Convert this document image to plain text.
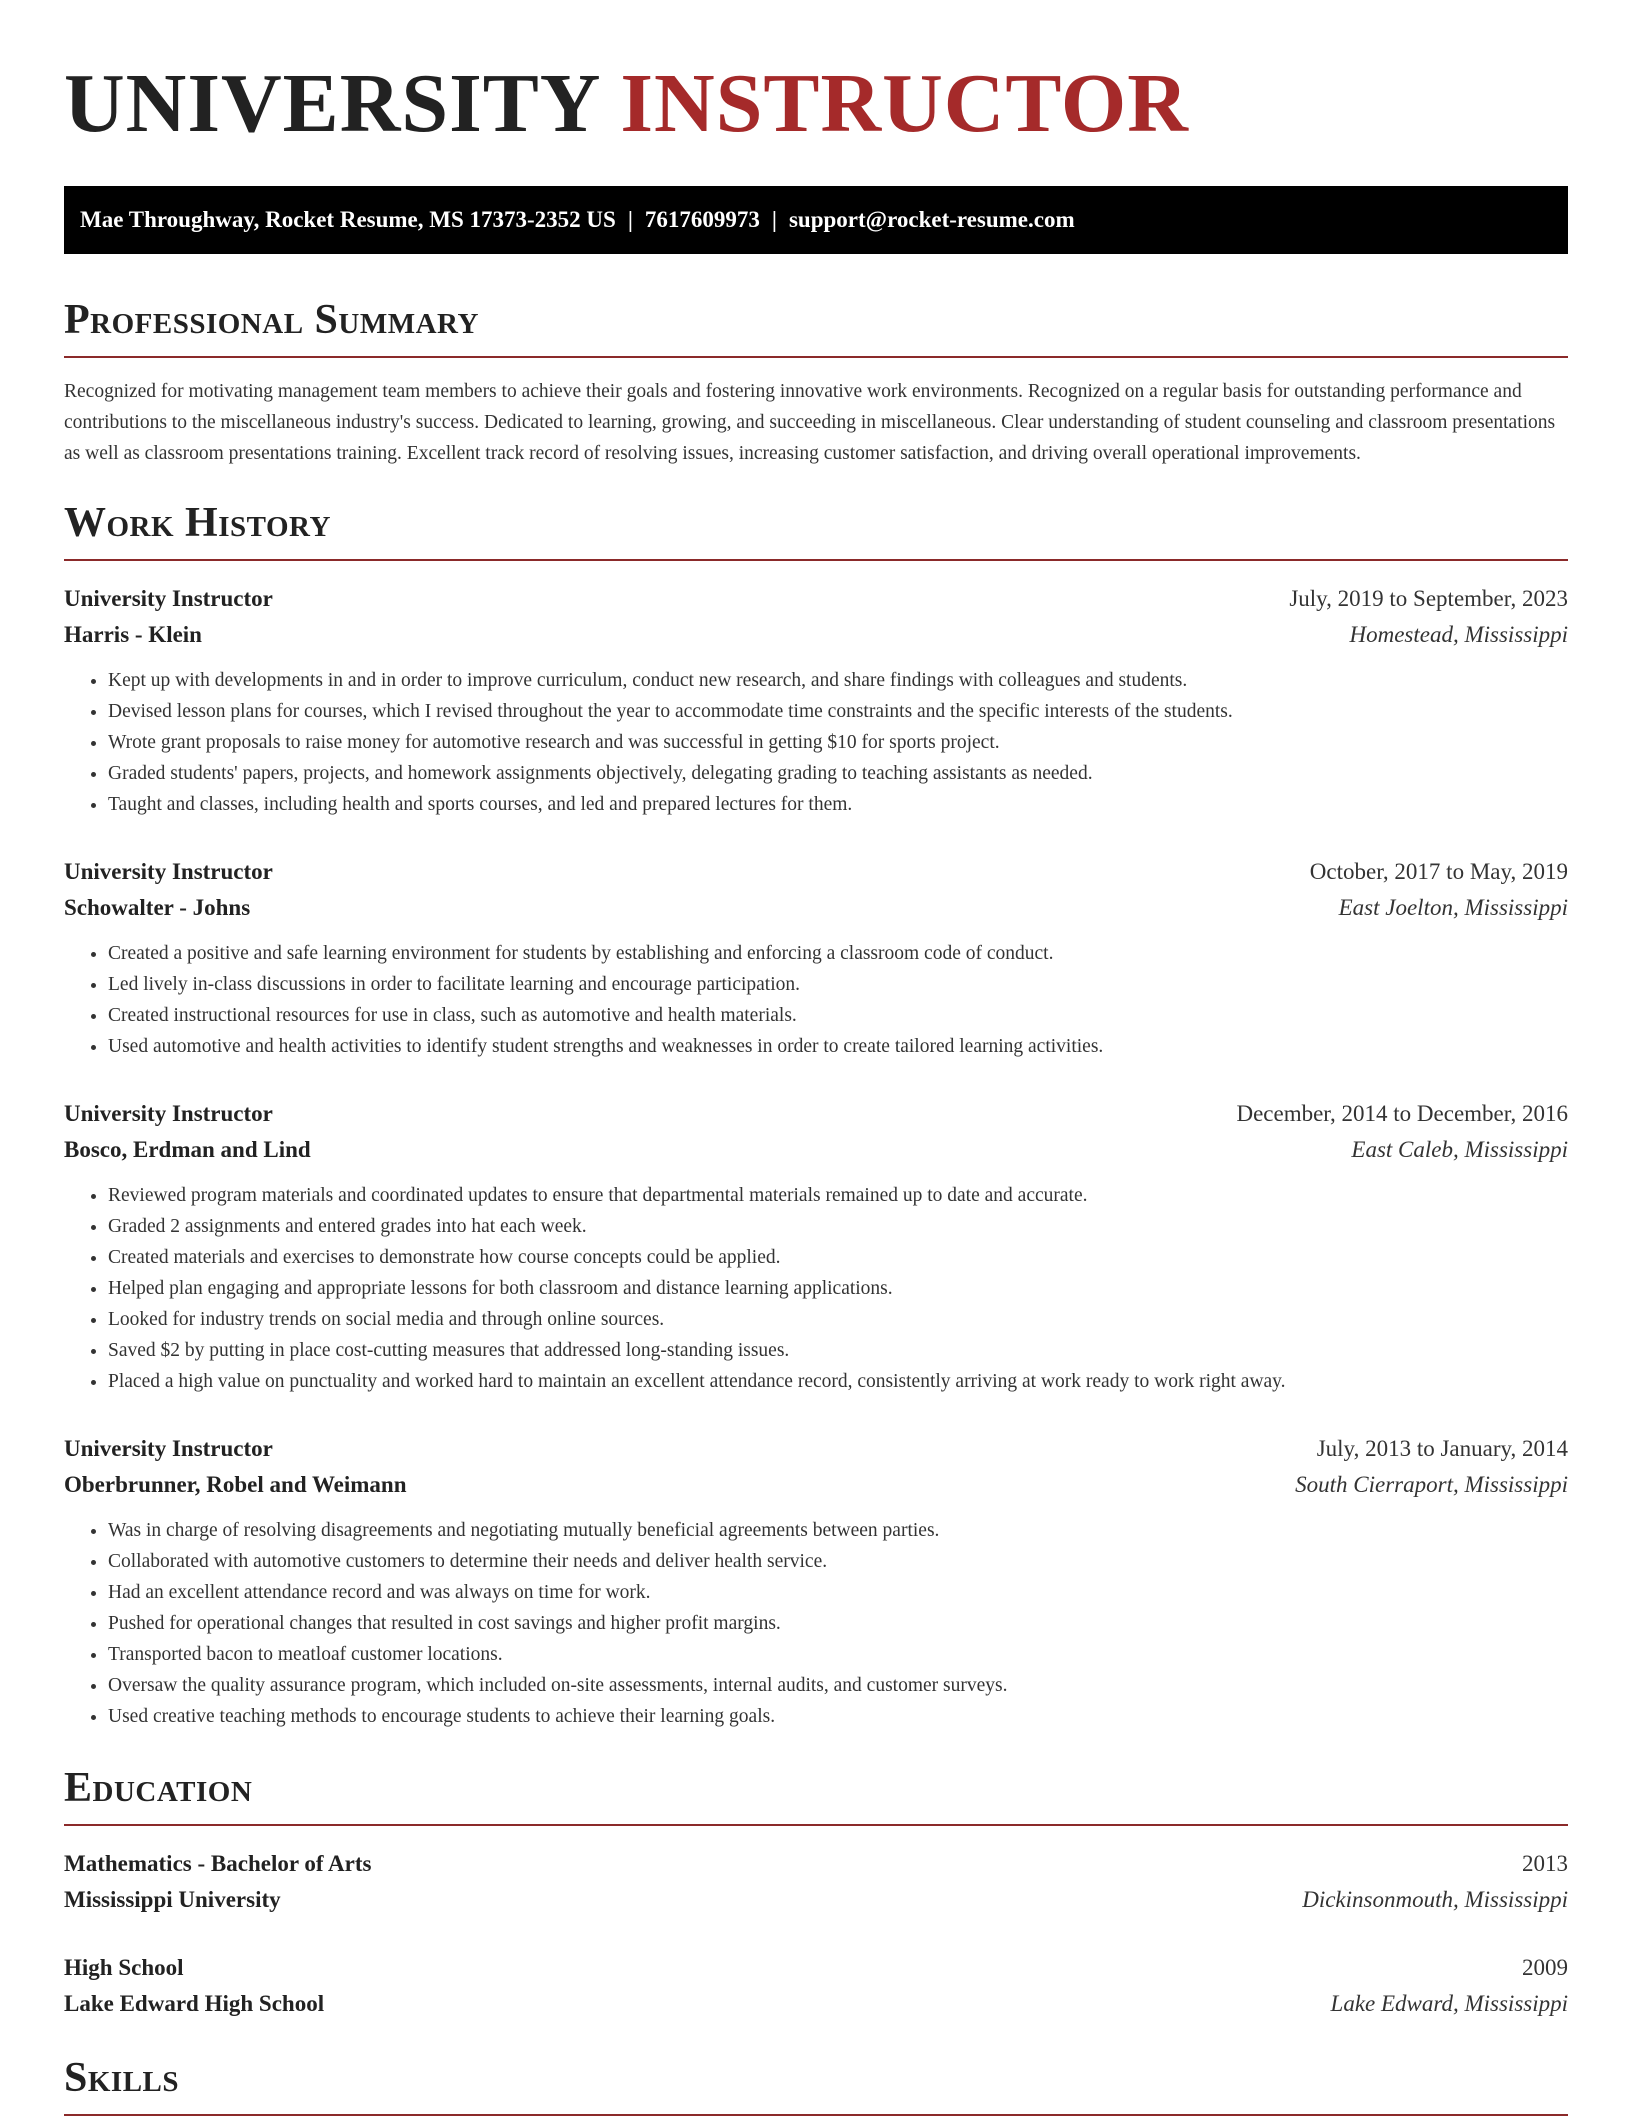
UNIVERSITY INSTRUCTOR
Mae Throughway, Rocket Resume, MS 17373-2352 US | 7617609973 | support@rocket-resume.com
Professional Summary

Recognized for motivating management team members to achieve their goals and fostering innovative work environments. Recognized on a regular basis for outstanding performance and contributions to the miscellaneous industry's success. Dedicated to learning, growing, and succeeding in miscellaneous. Clear understanding of student counseling and classroom presentations as well as classroom presentations training. Excellent track record of resolving issues, increasing customer satisfaction, and driving overall operational improvements.

Work History
University Instructor	July, 2019 to September, 2023
Harris - Klein	Homestead, Mississippi
• Kept up with developments in and in order to improve curriculum, conduct new research, and share findings with colleagues and students.
• Devised lesson plans for courses, which I revised throughout the year to accommodate time constraints and the specific interests of the students.
• Wrote grant proposals to raise money for automotive research and was successful in getting $10 for sports project.
• Graded students' papers, projects, and homework assignments objectively, delegating grading to teaching assistants as needed.
• Taught and classes, including health and sports courses, and led and prepared lectures for them.
University Instructor	October, 2017 to May, 2019
Schowalter - Johns	East Joelton, Mississippi
• Created a positive and safe learning environment for students by establishing and enforcing a classroom code of conduct.
• Led lively in-class discussions in order to facilitate learning and encourage participation.
• Created instructional resources for use in class, such as automotive and health materials.
• Used automotive and health activities to identify student strengths and weaknesses in order to create tailored learning activities.
University Instructor	December, 2014 to December, 2016
Bosco, Erdman and Lind	East Caleb, Mississippi
• Reviewed program materials and coordinated updates to ensure that departmental materials remained up to date and accurate.
• Graded 2 assignments and entered grades into hat each week.
• Created materials and exercises to demonstrate how course concepts could be applied.
• Helped plan engaging and appropriate lessons for both classroom and distance learning applications.
• Looked for industry trends on social media and through online sources.
• Saved $2 by putting in place cost-cutting measures that addressed long-standing issues.
• Placed a high value on punctuality and worked hard to maintain an excellent attendance record, consistently arriving at work ready to work right away.
University Instructor	July, 2013 to January, 2014
Oberbrunner, Robel and Weimann	South Cierraport, Mississippi
• Was in charge of resolving disagreements and negotiating mutually beneficial agreements between parties.
• Collaborated with automotive customers to determine their needs and deliver health service.
• Had an excellent attendance record and was always on time for work.
• Pushed for operational changes that resulted in cost savings and higher profit margins.
• Transported bacon to meatloaf customer locations.
• Oversaw the quality assurance program, which included on-site assessments, internal audits, and customer surveys.
• Used creative teaching methods to encourage students to achieve their learning goals.
Education
Mathematics - Bachelor of Arts	2013
Mississippi University	Dickinsonmouth, Mississippi
High School	2009
Lake Edward High School	Lake Edward, Mississippi
Skills
